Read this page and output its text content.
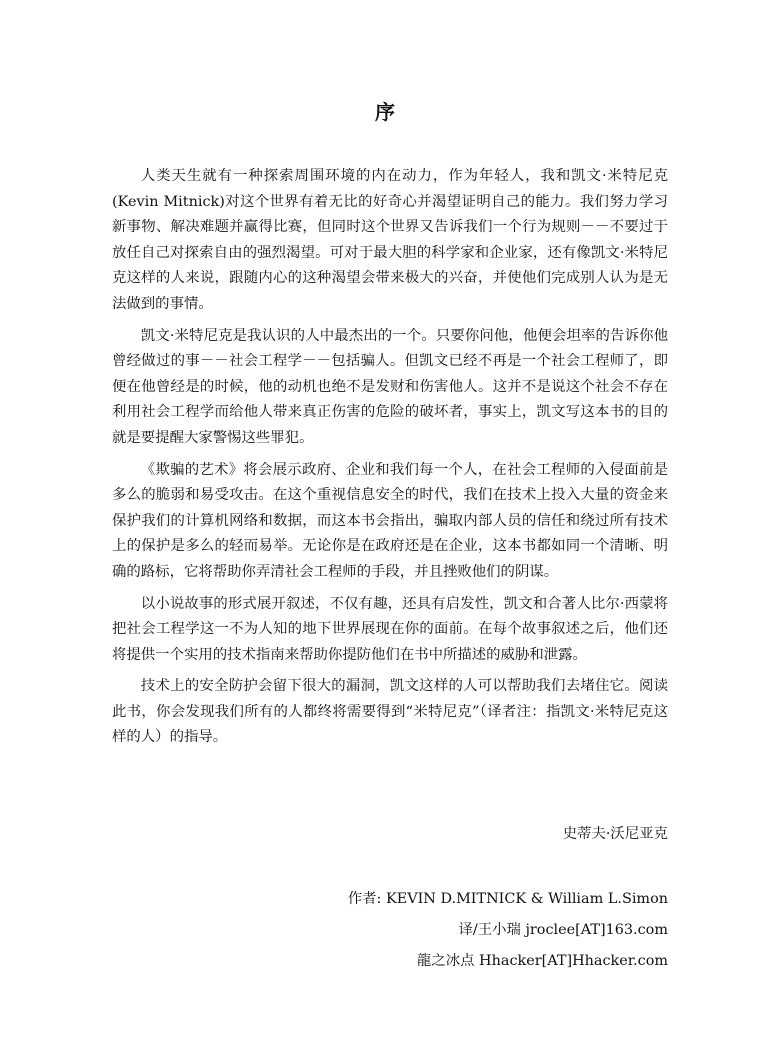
序

人类天生就有一种探索周围环境的内在动力，作为年轻人，我和凯文·米特尼克(Kevin Mitnick)对这个世界有着无比的好奇心并渴望证明自己的能力。我们努力学习新事物、解决难题并赢得比赛，但同时这个世界又告诉我们一个行为规则－－不要过于放任自己对探索自由的强烈渴望。可对于最大胆的科学家和企业家，还有像凯文·米特尼克这样的人来说，跟随内心的这种渴望会带来极大的兴奋，并使他们完成别人认为是无法做到的事情。

凯文·米特尼克是我认识的人中最杰出的一个。只要你问他，他便会坦率的告诉你他曾经做过的事－－社会工程学－－包括骗人。但凯文已经不再是一个社会工程师了，即便在他曾经是的时候，他的动机也绝不是发财和伤害他人。这并不是说这个社会不存在利用社会工程学而给他人带来真正伤害的危险的破坏者，事实上，凯文写这本书的目的就是要提醒大家警惕这些罪犯。

《欺骗的艺术》将会展示政府、企业和我们每一个人，在社会工程师的入侵面前是多么的脆弱和易受攻击。在这个重视信息安全的时代，我们在技术上投入大量的资金来保护我们的计算机网络和数据，而这本书会指出，骗取内部人员的信任和绕过所有技术上的保护是多么的轻而易举。无论你是在政府还是在企业，这本书都如同一个清晰、明确的路标，它将帮助你弄清社会工程师的手段，并且挫败他们的阴谋。

以小说故事的形式展开叙述，不仅有趣，还具有启发性，凯文和合著人比尔·西蒙将把社会工程学这一不为人知的地下世界展现在你的面前。在每个故事叙述之后，他们还将提供一个实用的技术指南来帮助你提防他们在书中所描述的威胁和泄露。

技术上的安全防护会留下很大的漏洞，凯文这样的人可以帮助我们去堵住它。阅读此书，你会发现我们所有的人都终将需要得到“米特尼克”（译者注：指凯文·米特尼克这样的人）的指导。

史蒂夫·沃尼亚克
作者: KEVIN D.MITNICK & William L.Simon
译/王小瑞 jroclee[AT]163.com
龍之冰点 Hhacker[AT]Hhacker.com
